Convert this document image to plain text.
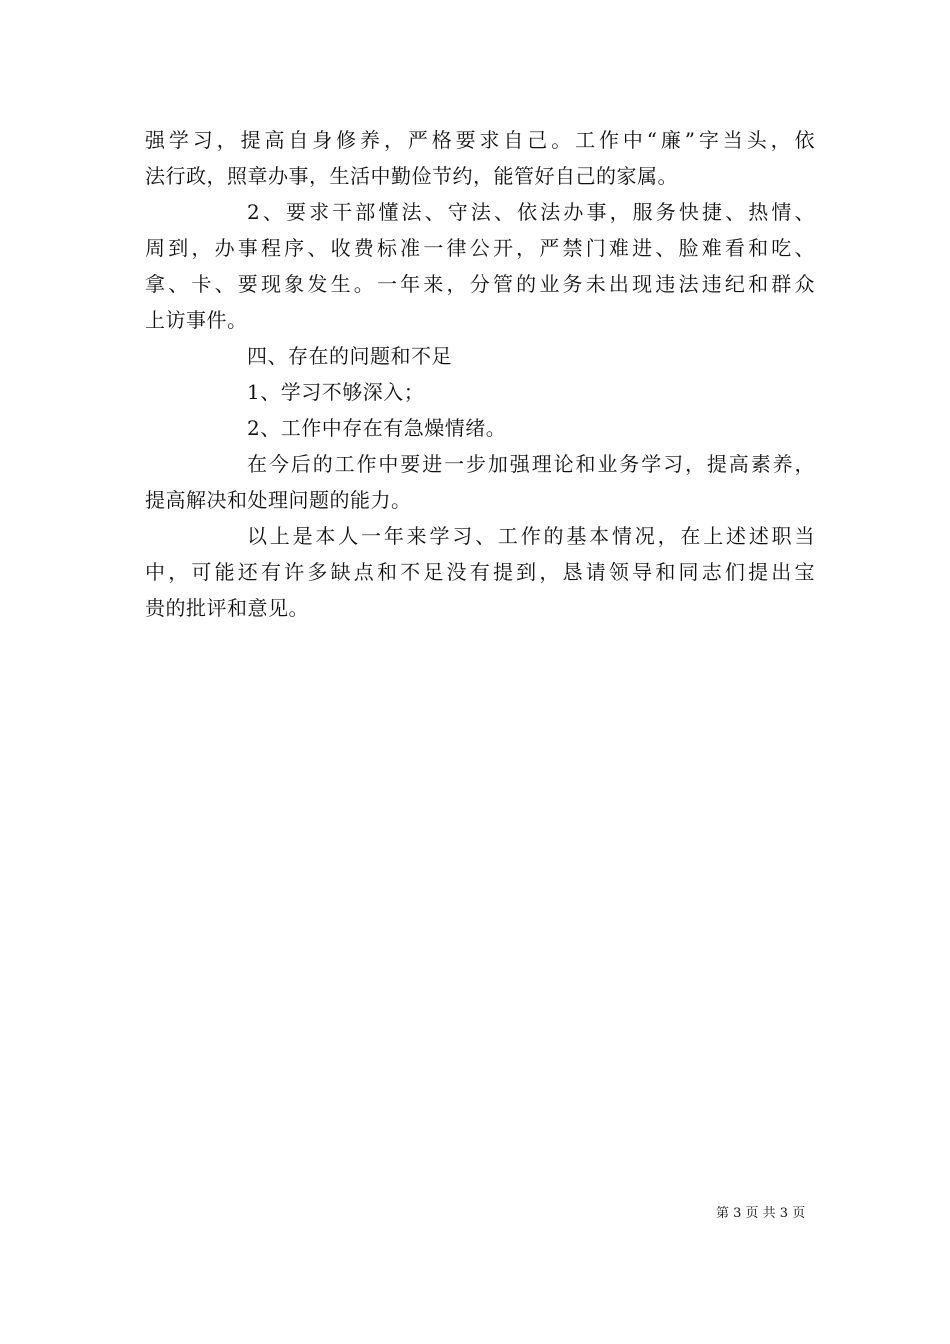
强学习，提高自身修养，严格要求自己。工作中“廉”字当头，依
法行政，照章办事，生活中勤俭节约，能管好自己的家属。
2、要求干部懂法、守法、依法办事，服务快捷、热情、
周到，办事程序、收费标准一律公开，严禁门难进、脸难看和吃、
拿、卡、要现象发生。一年来，分管的业务未出现违法违纪和群众
上访事件。
四、存在的问题和不足
1、学习不够深入；
2、工作中存在有急燥情绪。
在今后的工作中要进一步加强理论和业务学习，提高素养，
提高解决和处理问题的能力。
以上是本人一年来学习、工作的基本情况，在上述述职当
中，可能还有许多缺点和不足没有提到，恳请领导和同志们提出宝
贵的批评和意见。
第 3 页 共 3 页
